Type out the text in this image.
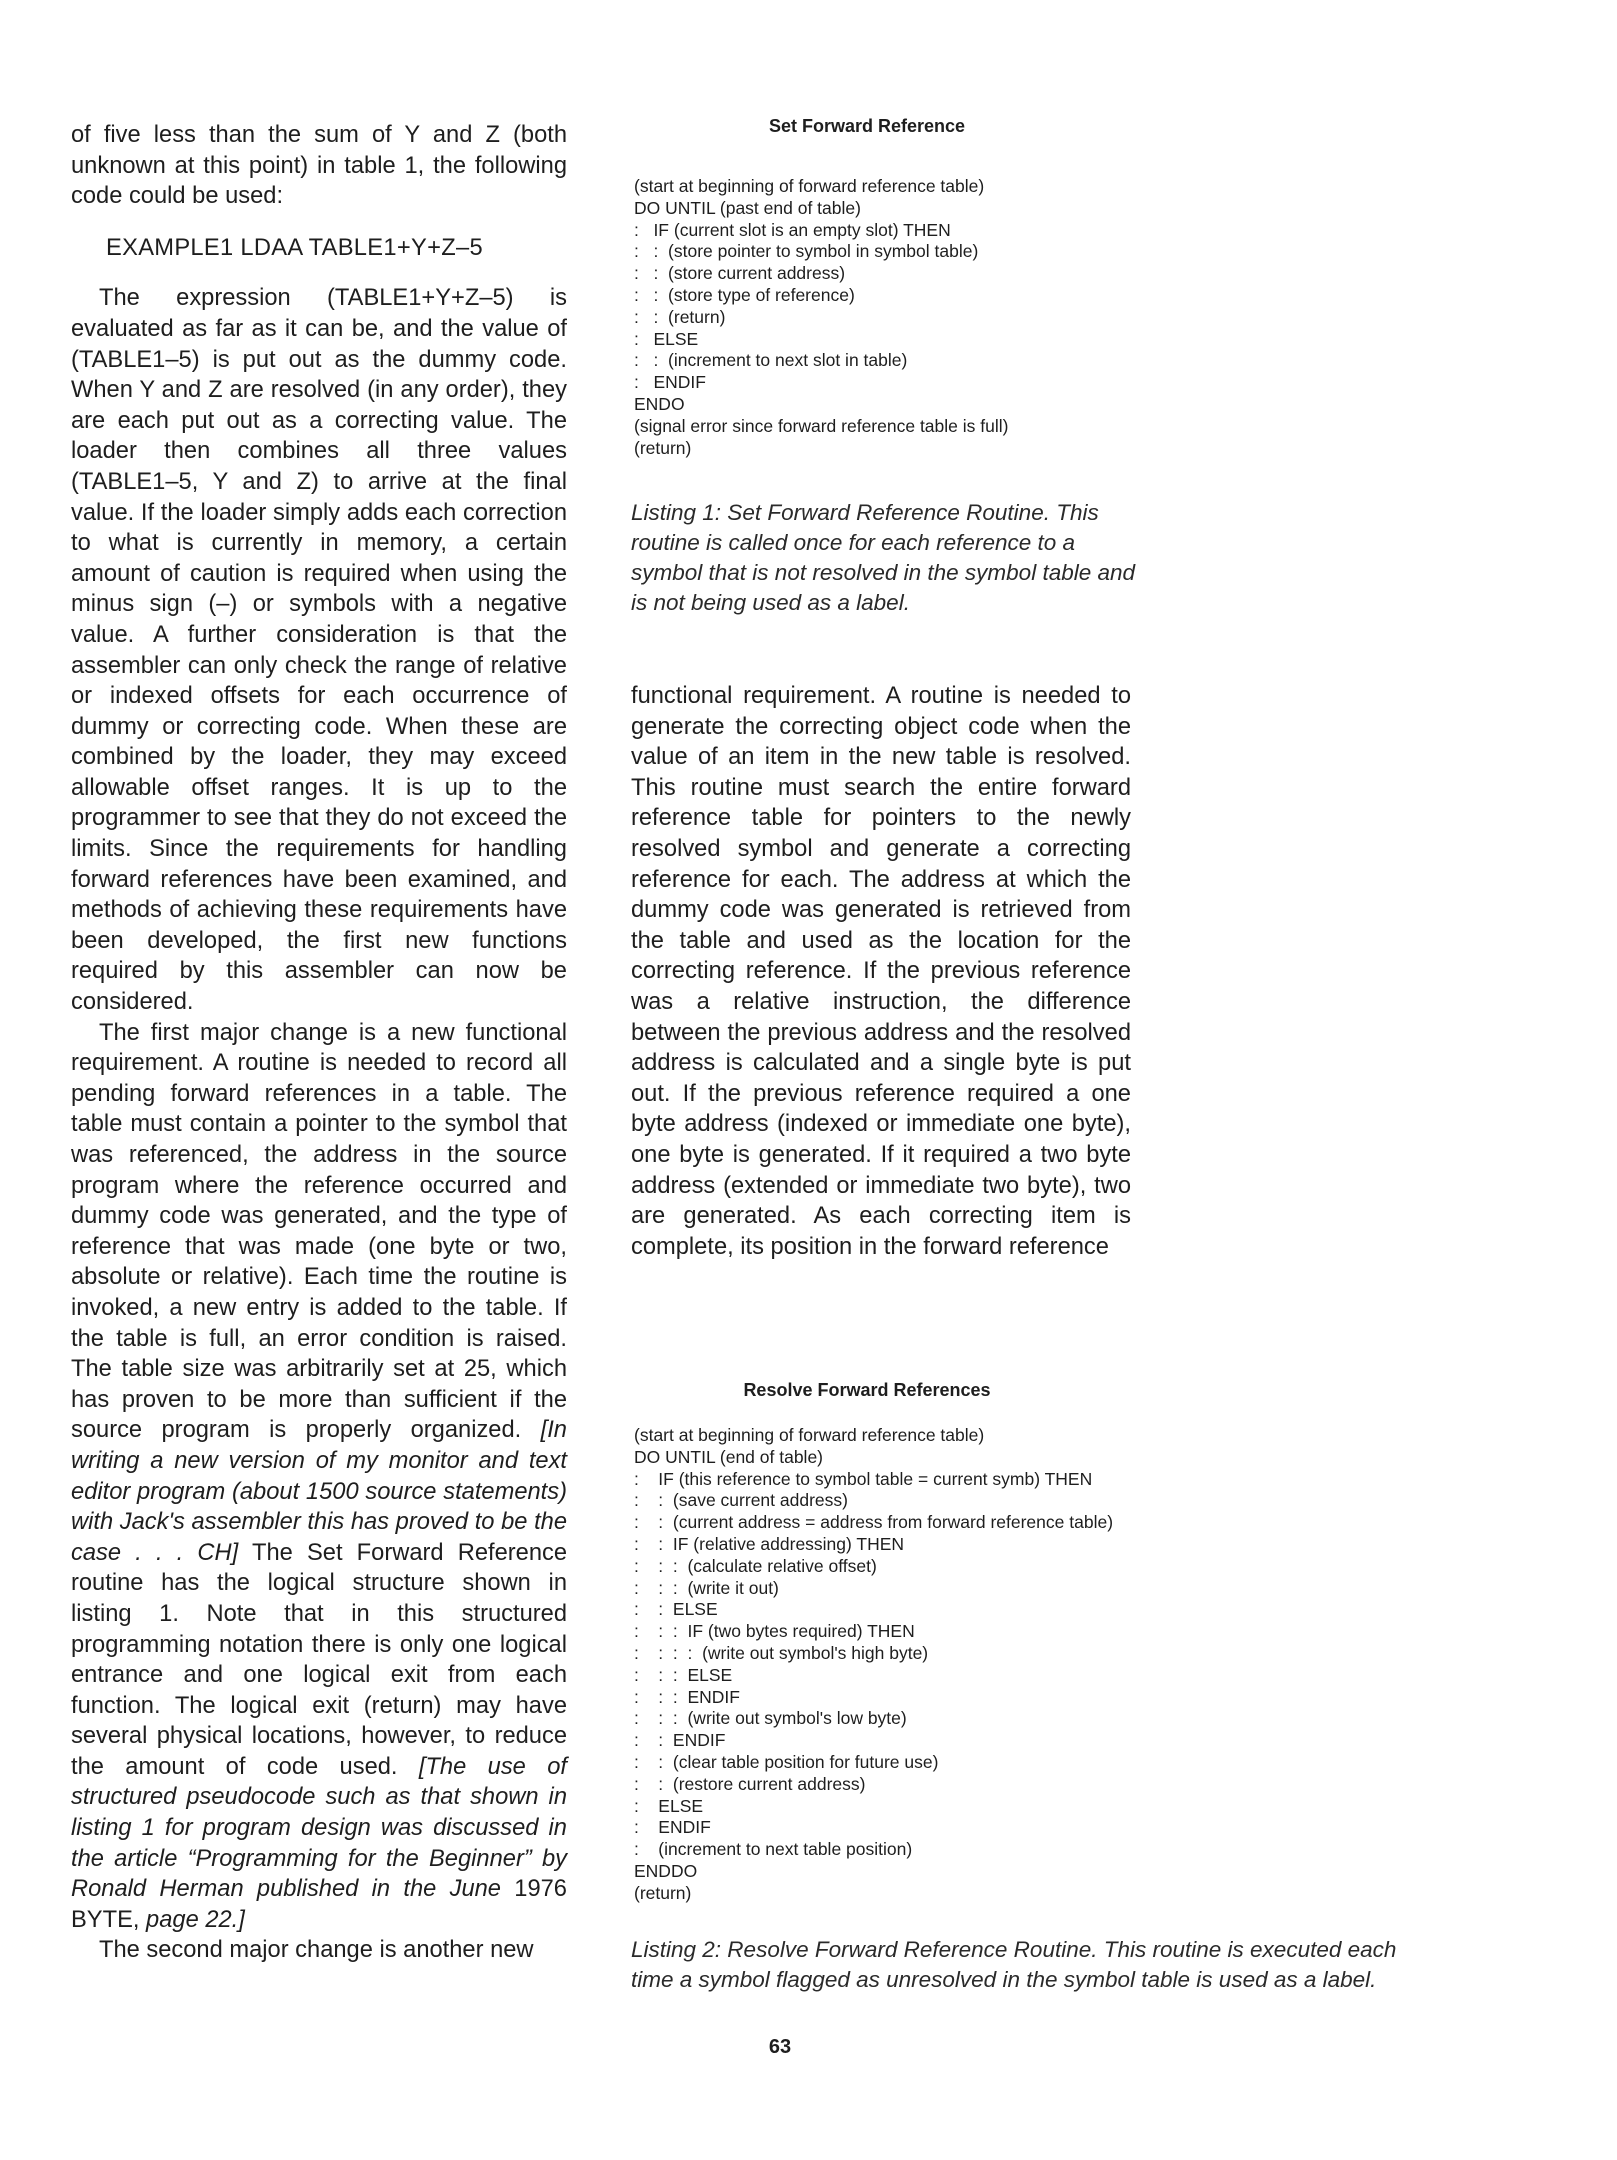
of five less than the sum of Y and Z (both unknown at this point) in table 1, the following code could be used:

EXAMPLE1 LDAA TABLE1+Y+Z–5

The expression (TABLE1+Y+Z–5) is evaluated as far as it can be, and the value of (TABLE1–5) is put out as the dummy code. When Y and Z are resolved (in any order), they are each put out as a correcting value. The loader then combines all three values (TABLE1–5, Y and Z) to arrive at the final value. If the loader simply adds each correction to what is currently in memory, a certain amount of caution is required when using the minus sign (–) or symbols with a negative value. A further consideration is that the assembler can only check the range of relative or indexed offsets for each occurrence of dummy or correcting code. When these are combined by the loader, they may exceed allowable offset ranges. It is up to the programmer to see that they do not exceed the limits. Since the requirements for handling forward references have been examined, and methods of achieving these requirements have been developed, the first new functions required by this assembler can now be considered.

The first major change is a new functional requirement. A routine is needed to record all pending forward references in a table. The table must contain a pointer to the symbol that was referenced, the address in the source program where the reference occurred and dummy code was generated, and the type of reference that was made (one byte or two, absolute or relative). Each time the routine is invoked, a new entry is added to the table. If the table is full, an error condition is raised. The table size was arbitrarily set at 25, which has proven to be more than sufficient if the source program is properly organized. [In writing a new version of my monitor and text editor program (about 1500 source statements) with Jack's assembler this has proved to be the case . . . CH] The Set Forward Reference routine has the logical structure shown in listing 1. Note that in this structured programming notation there is only one logical entrance and one logical exit from each function. The logical exit (return) may have several physical locations, however, to reduce the amount of code used. [The use of structured pseudocode such as that shown in listing 1 for program design was discussed in the article “Programming for the Beginner” by Ronald Herman published in the June 1976 BYTE, page 22.]

The second major change is another new

Set Forward Reference
(start at beginning of forward reference table)
DO UNTIL (past end of table)
:   IF (current slot is an empty slot) THEN
:   :  (store pointer to symbol in symbol table)
:   :  (store current address)
:   :  (store type of reference)
:   :  (return)
:   ELSE
:   :  (increment to next slot in table)
:   ENDIF
ENDO
(signal error since forward reference table is full)
(return)
Listing 1: Set Forward Reference Routine. This routine is called once for each reference to a symbol that is not resolved in the symbol table and is not being used as a label.

functional requirement. A routine is needed to generate the correcting object code when the value of an item in the new table is resolved. This routine must search the entire forward reference table for pointers to the newly resolved symbol and generate a correcting reference for each. The address at which the dummy code was generated is retrieved from the table and used as the location for the correcting reference. If the previous reference was a relative instruction, the difference between the previous address and the resolved address is calculated and a single byte is put out. If the previous reference required a one byte address (indexed or immediate one byte), one byte is generated. If it required a two byte address (extended or immediate two byte), two are generated. As each correcting item is complete, its position in the forward reference

Resolve Forward References
(start at beginning of forward reference table)
DO UNTIL (end of table)
:    IF (this reference to symbol table = current symb) THEN
:    :  (save current address)
:    :  (current address = address from forward reference table)
:    :  IF (relative addressing) THEN
:    :  :  (calculate relative offset)
:    :  :  (write it out)
:    :  ELSE
:    :  :  IF (two bytes required) THEN
:    :  :  :  (write out symbol's high byte)
:    :  :  ELSE
:    :  :  ENDIF
:    :  :  (write out symbol's low byte)
:    :  ENDIF
:    :  (clear table position for future use)
:    :  (restore current address)
:    ELSE
:    ENDIF
:    (increment to next table position)
ENDDO
(return)
Listing 2: Resolve Forward Reference Routine. This routine is executed each
time a symbol flagged as unresolved in the symbol table is used as a label.
63
